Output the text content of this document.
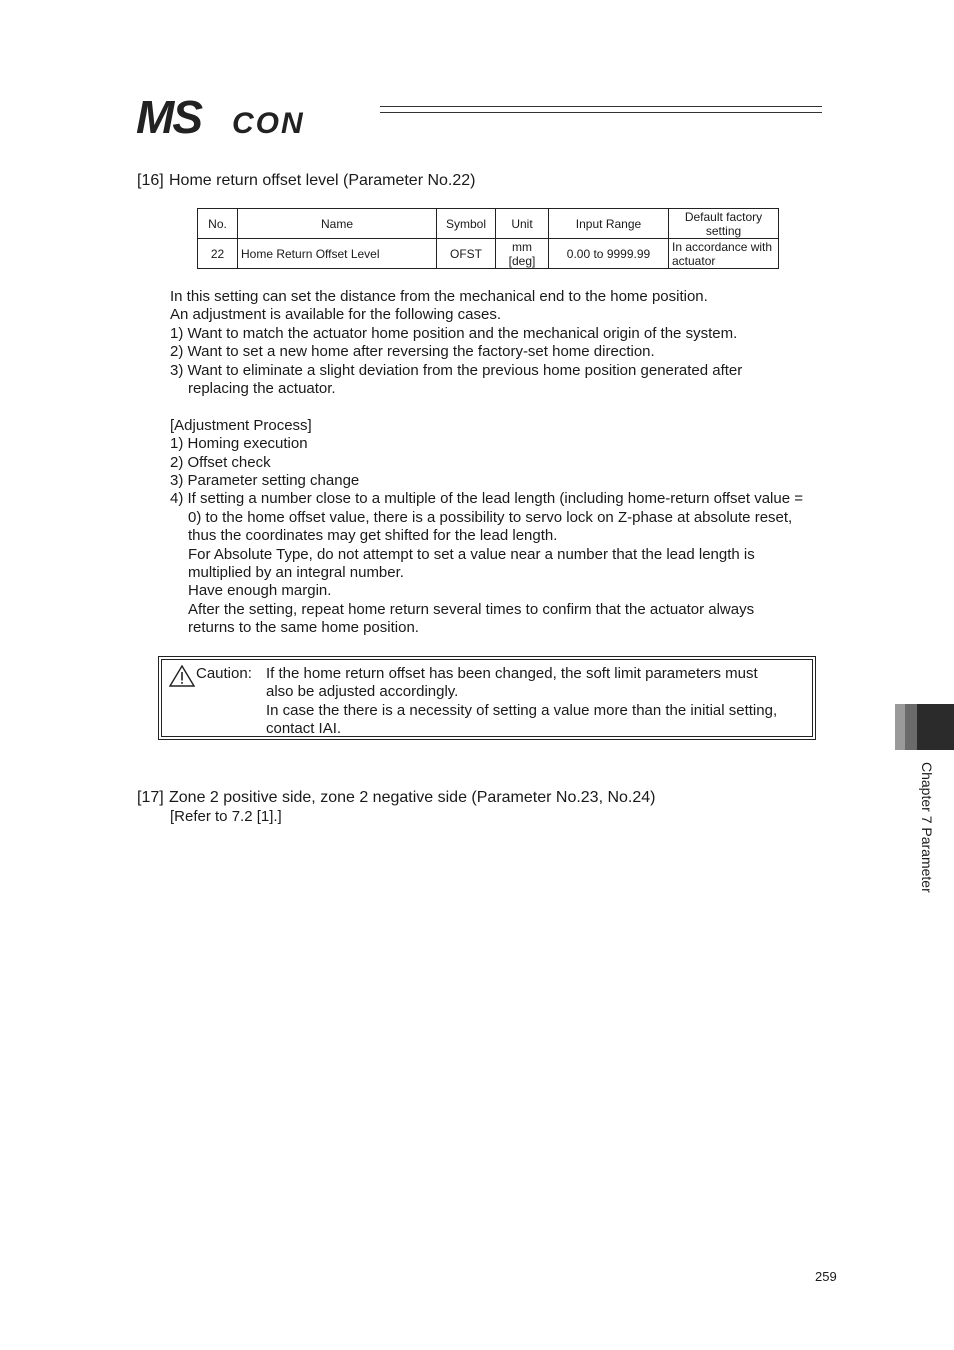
MS CON
[16] Home return offset level (Parameter No.22)
No.	Name	Symbol	Unit	Input Range	Default factory setting
22	Home Return Offset Level	OFST	mm [deg]	0.00 to 9999.99	In accordance with actuator
In this setting can set the distance from the mechanical end to the home position.
An adjustment is available for the following cases.
1) Want to match the actuator home position and the mechanical origin of the system.
2) Want to set a new home after reversing the factory-set home direction.
3) Want to eliminate a slight deviation from the previous home position generated after
replacing the actuator.
[Adjustment Process]
1) Homing execution
2) Offset check
3) Parameter setting change
4) If setting a number close to a multiple of the lead length (including home-return offset value =
0) to the home offset value, there is a possibility to servo lock on Z-phase at absolute reset,
thus the coordinates may get shifted for the lead length.
For Absolute Type, do not attempt to set a value near a number that the lead length is
multiplied by an integral number.
Have enough margin.
After the setting, repeat home return several times to confirm that the actuator always
returns to the same home position.
Caution: If the home return offset has been changed, the soft limit parameters must
also be adjusted accordingly.
In case the there is a necessity of setting a value more than the initial setting,
contact IAI.
[17] Zone 2 positive side, zone 2 negative side (Parameter No.23, No.24)
[Refer to 7.2 [1].]	Chapter 7 Parameter
259
